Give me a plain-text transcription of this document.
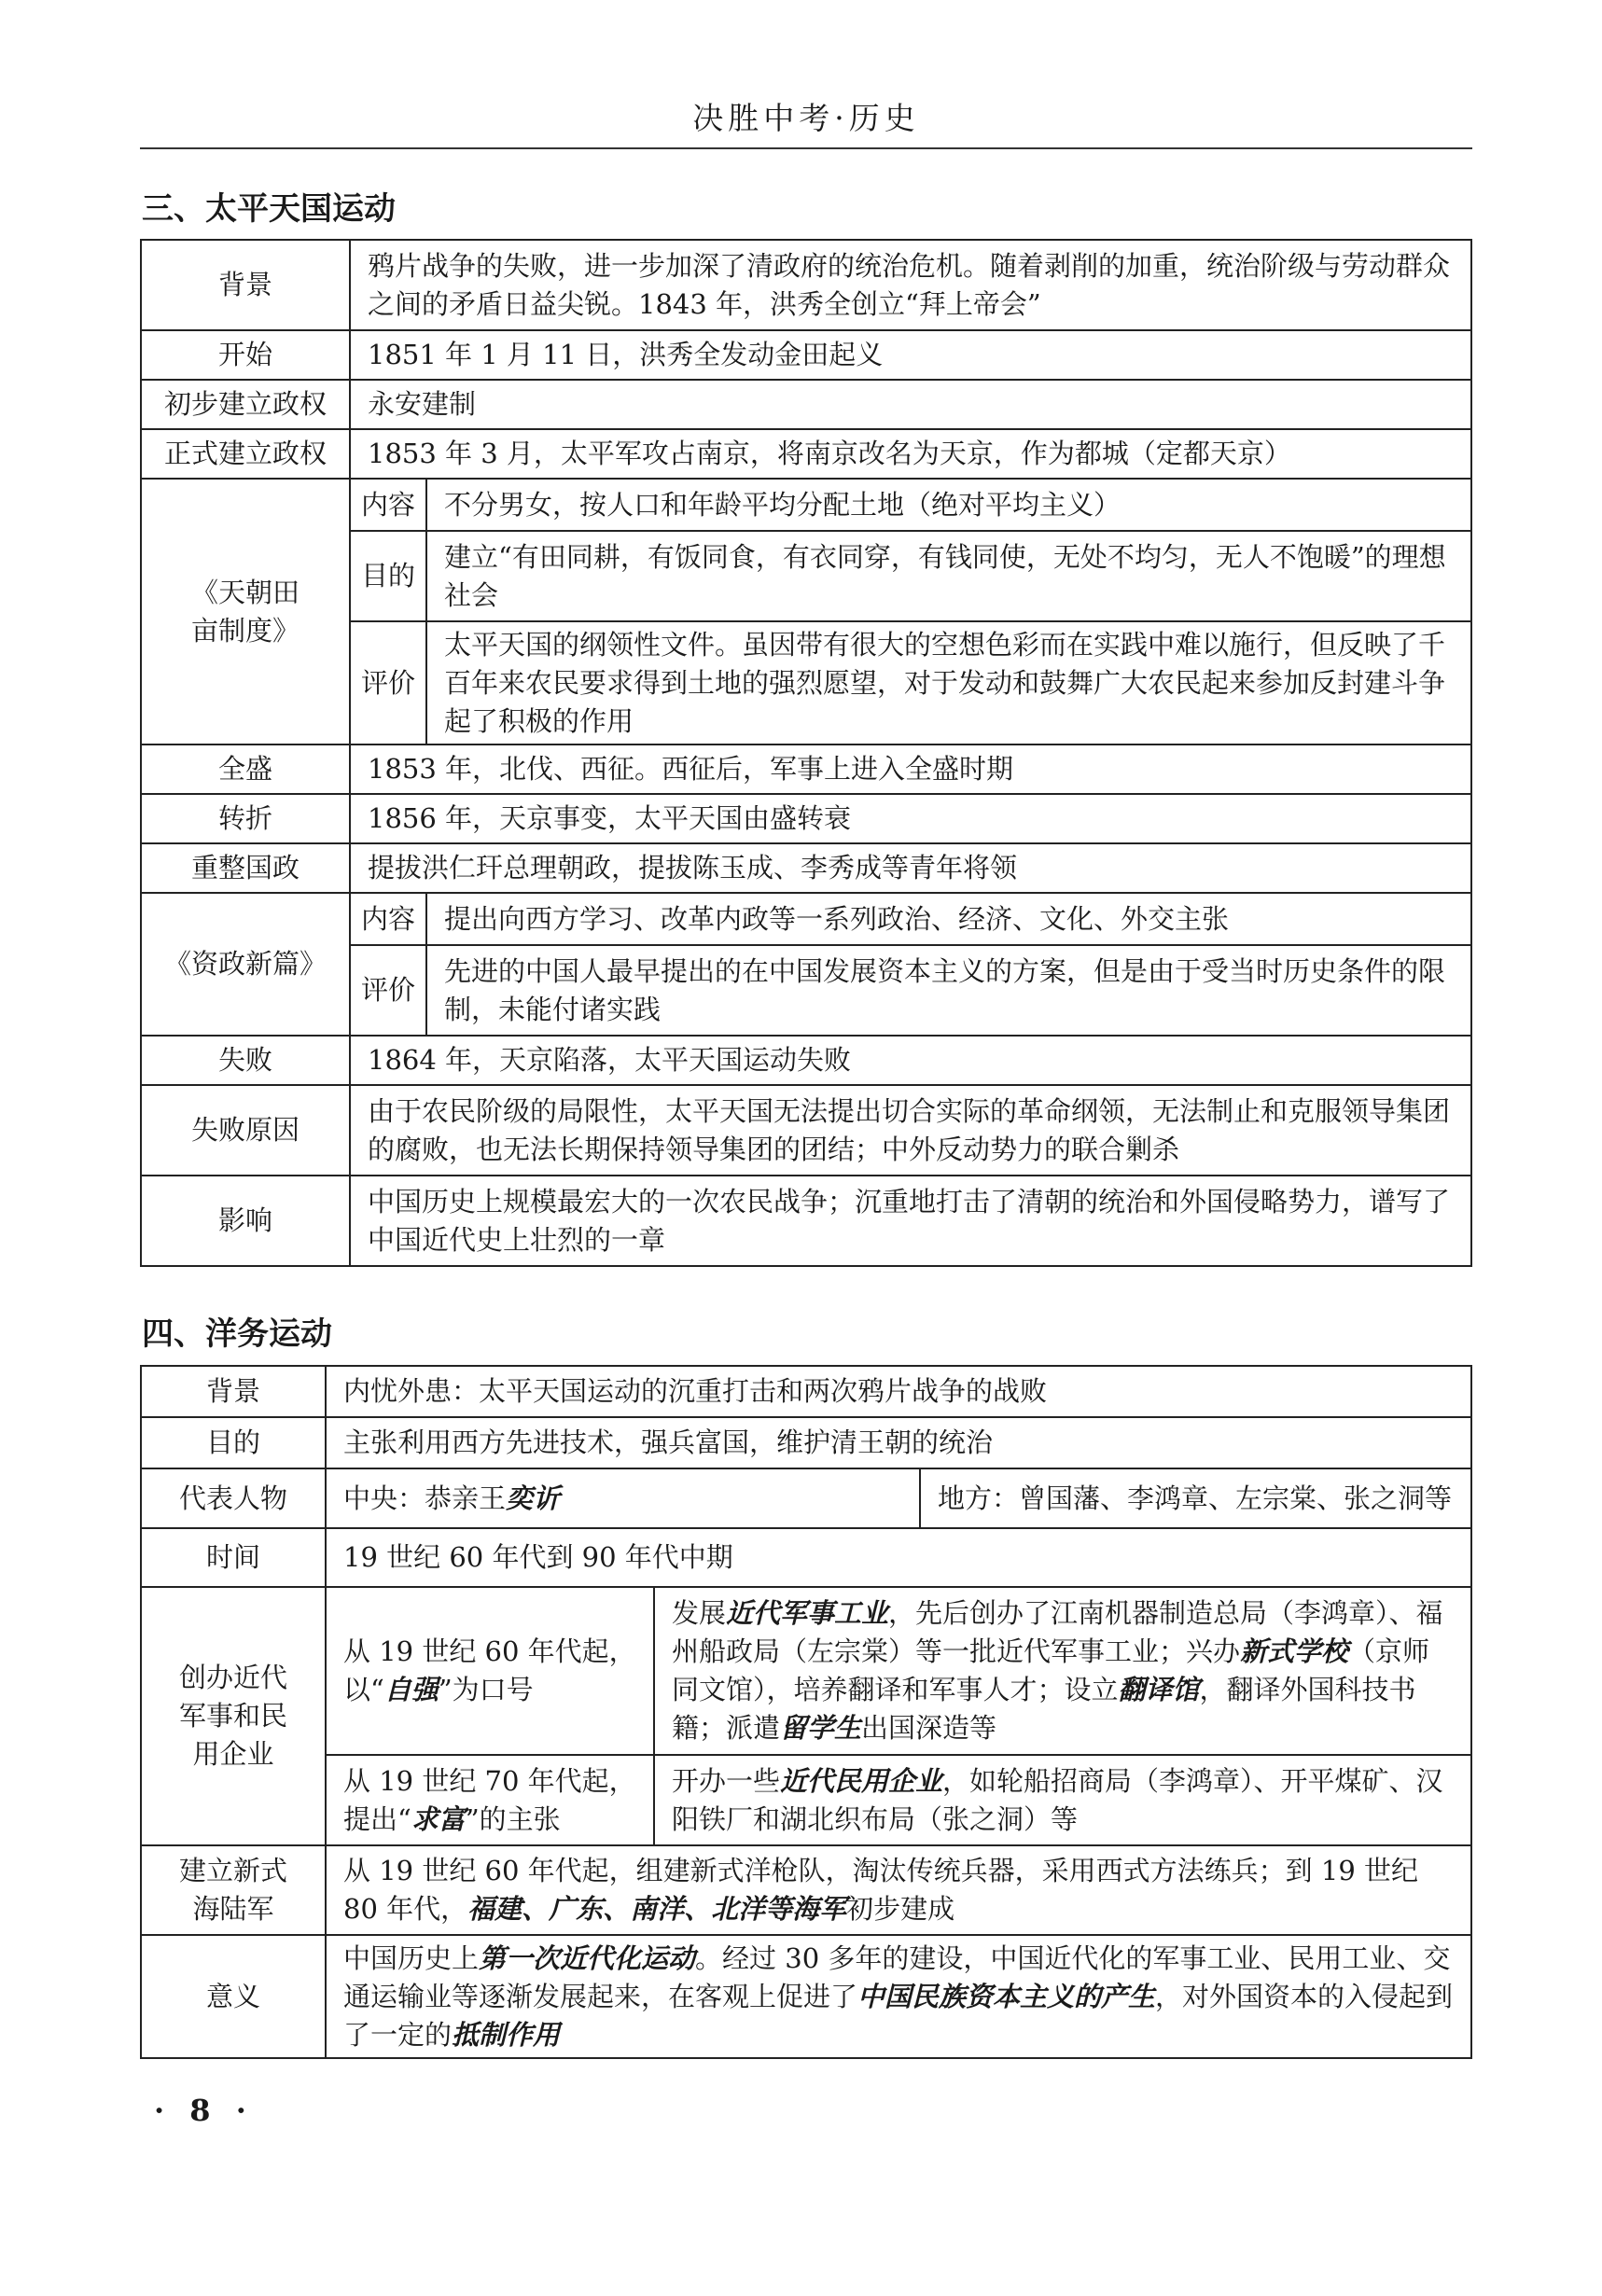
决胜中考·历史
三、太平天国运动
背景	鸦片战争的失败，进一步加深了清政府的统治危机。随着剥削的加重，统治阶级与劳动群众之间的矛盾日益尖锐。1843 年，洪秀全创立“拜上帝会”	
开始	1851 年 1 月 11 日，洪秀全发动金田起义	
初步建立政权	永安建制	
正式建立政权	1853 年 3 月，太平军攻占南京，将南京改名为天京，作为都城（定都天京）	

《天朝田
亩制度》	内容	不分男女，按人口和年龄平均分配土地（绝对平均主义）
	目的	建立“有田同耕，有饭同食，有衣同穿，有钱同使，无处不均匀，无人不饱暖”的理想社会
	评价	太平天国的纲领性文件。虽因带有很大的空想色彩而在实践中难以施行，但反映了千百年来农民要求得到土地的强烈愿望，对于发动和鼓舞广大农民起来参加反封建斗争起了积极的作用
全盛	1853 年，北伐、西征。西征后，军事上进入全盛时期	
转折	1856 年，天京事变，太平天国由盛转衰	
重整国政	提拔洪仁玕总理朝政，提拔陈玉成、李秀成等青年将领	
《资政新篇》	内容	提出向西方学习、改革内政等一系列政治、经济、文化、外交主张
	评价	先进的中国人最早提出的在中国发展资本主义的方案，但是由于受当时历史条件的限制，未能付诸实践
失败	1864 年，天京陷落，太平天国运动失败	
失败原因	由于农民阶级的局限性，太平天国无法提出切合实际的革命纲领，无法制止和克服领导集团的腐败，也无法长期保持领导集团的团结；中外反动势力的联合剿杀	
影响	中国历史上规模最宏大的一次农民战争；沉重地打击了清朝的统治和外国侵略势力，谱写了中国近代史上壮烈的一章	
四、洋务运动
背景	内忧外患：太平天国运动的沉重打击和两次鸦片战争的战败		
目的	主张利用西方先进技术，强兵富国，维护清王朝的统治		
代表人物	中央：恭亲王奕䜣		地方：曾国藩、李鸿章、左宗棠、张之洞等
时间	19 世纪 60 年代到 90 年代中期		

创办近代
军事和民
用企业	从 19 世纪 60 年代起，以“自强”为口号	发展近代军事工业，先后创办了江南机器制造总局（李鸿章）、福州船政局（左宗棠）等一批近代军事工业；兴办新式学校（京师同文馆），培养翻译和军事人才；设立翻译馆，翻译外国科技书籍；派遣留学生出国深造等	
	从 19 世纪 70 年代起，提出“求富”的主张	开办一些近代民用企业，如轮船招商局（李鸿章）、开平煤矿、汉阳铁厂和湖北织布局（张之洞）等	

建立新式
海陆军	从 19 世纪 60 年代起，组建新式洋枪队，淘汰传统兵器，采用西式方法练兵；到 19 世纪 80 年代，福建、广东、南洋、北洋等海军初步建成		
意义	中国历史上第一次近代化运动。经过 30 多年的建设，中国近代化的军事工业、民用工业、交通运输业等逐渐发展起来，在客观上促进了中国民族资本主义的产生，对外国资本的入侵起到了一定的抵制作用		
· 8 ·
